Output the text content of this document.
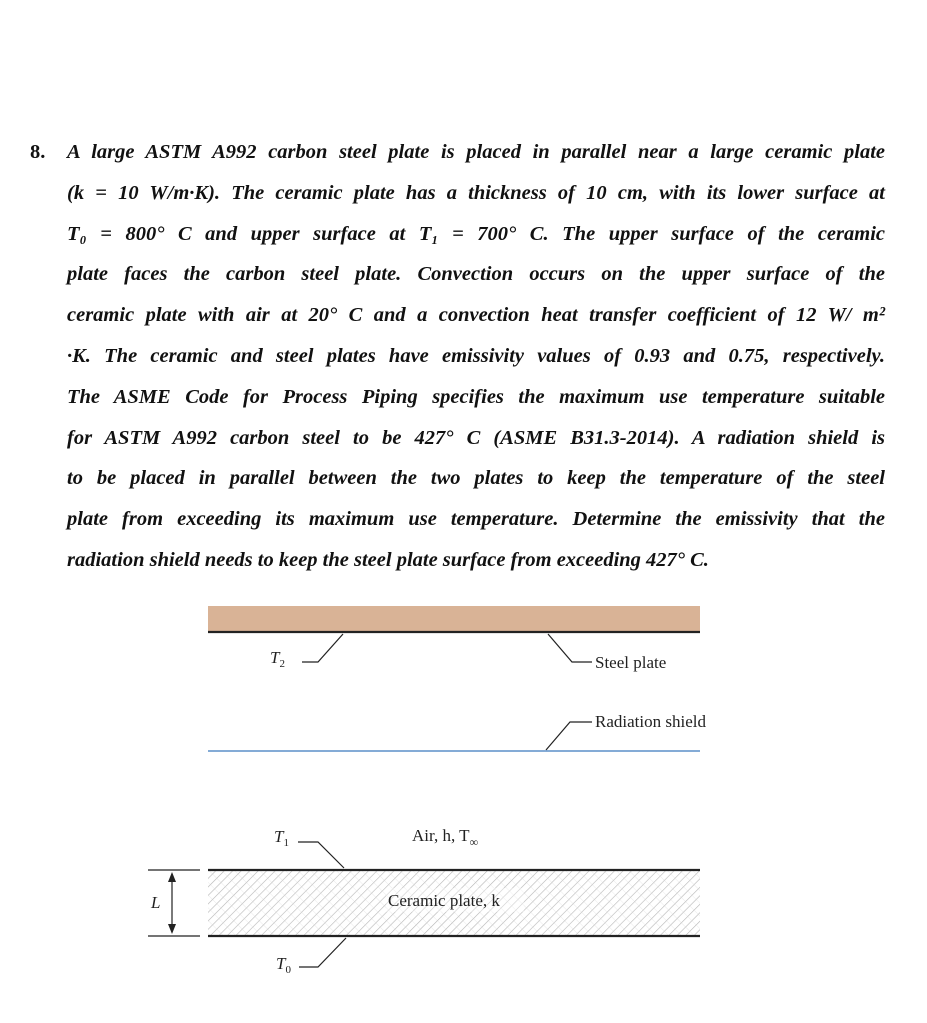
8. A large ASTM A992 carbon steel plate is placed in parallel near a large ceramic plate
(k = 10 W/m·K). The ceramic plate has a thickness of 10 cm, with its lower surface at
T₀ = 800° C and upper surface at T₁ = 700° C. The upper surface of the ceramic
plate faces the carbon steel plate. Convection occurs on the upper surface of the
ceramic plate with air at 20° C and a convection heat transfer coefficient of 12 W/ m²
·K. The ceramic and steel plates have emissivity values of 0.93 and 0.75, respectively.
The ASME Code for Process Piping specifies the maximum use temperature suitable
for ASTM A992 carbon steel to be 427° C (ASME B31.3-2014). A radiation shield is
to be placed in parallel between the two plates to keep the temperature of the steel
plate from exceeding its maximum use temperature. Determine the emissivity that the
radiation shield needs to keep the steel plate surface from exceeding 427° C.
$T_2$	Steel plate
Radiation shield
$T_1$	Air, h, $T_\infty$
Ceramic plate, k
L
$T_0$
